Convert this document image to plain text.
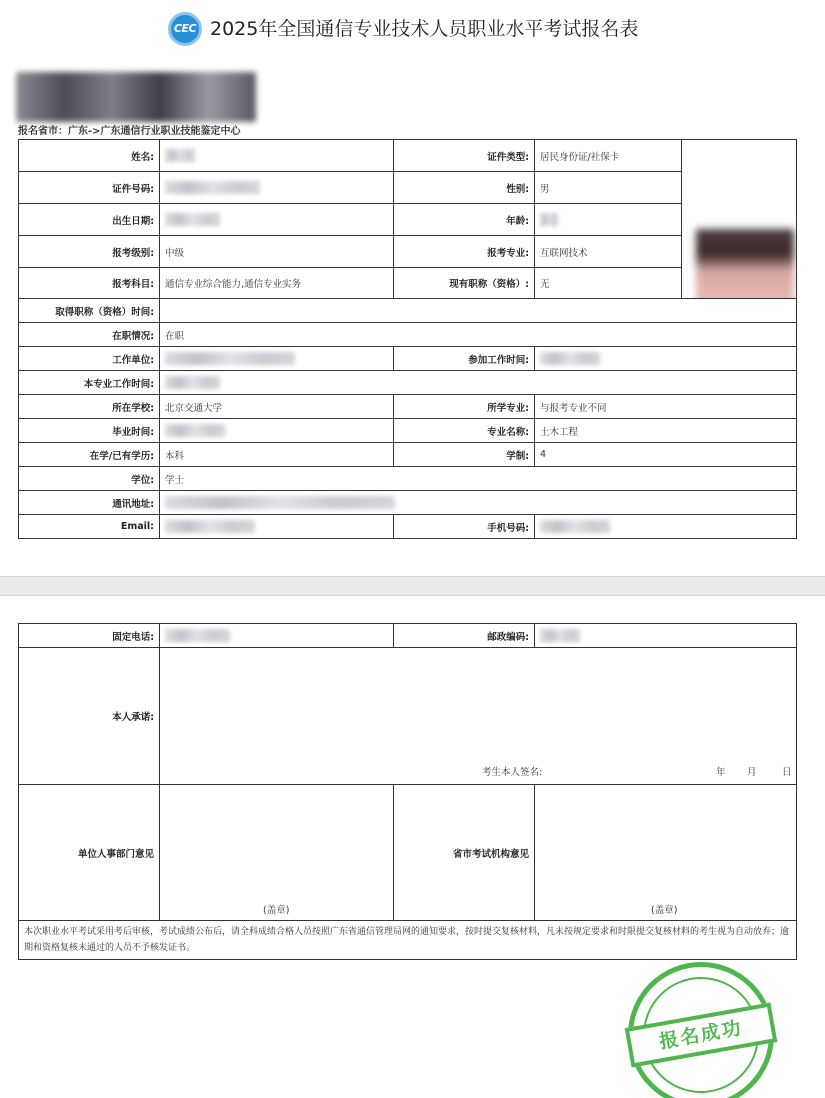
CEC 2025年全国通信专业技术人员职业水平考试报名表
报名省市：广东->广东通信行业职业技能鉴定中心
姓名:		证件类型:	居民身份证/社保卡	

证件号码:		性别:	男	
出生日期:		年龄:		
报考级别:	中级	报考专业:	互联网技术	
报考科目:	通信专业综合能力,通信专业实务	现有职称（资格）:	无	
取得职称（资格）时间:				
在职情况:	在职			
工作单位:		参加工作时间:		
本专业工作时间:				
所在学校:	北京交通大学	所学专业:	与报考专业不同	
毕业时间:		专业名称:	土木工程	
在学/已有学历:	本科	学制:	4	
学位:	学士			
通讯地址:				
Email:		手机号码:		
固定电话:		邮政编码:	
本人承诺:	考生本人签名: 年 月 日		

单位人事部门意见	(盖章)	省市考试机构意见	(盖章)

本次职业水平考试采用考后审核，考试成绩公布后，请全科成绩合格人员按照广东省通信管理局网的通知要求，按时提交复核材料，凡未按规定要求和时限提交复核材料的考生视为自动放弃；逾期和资格复核未通过的人员不予核发证书。			
报名成功
